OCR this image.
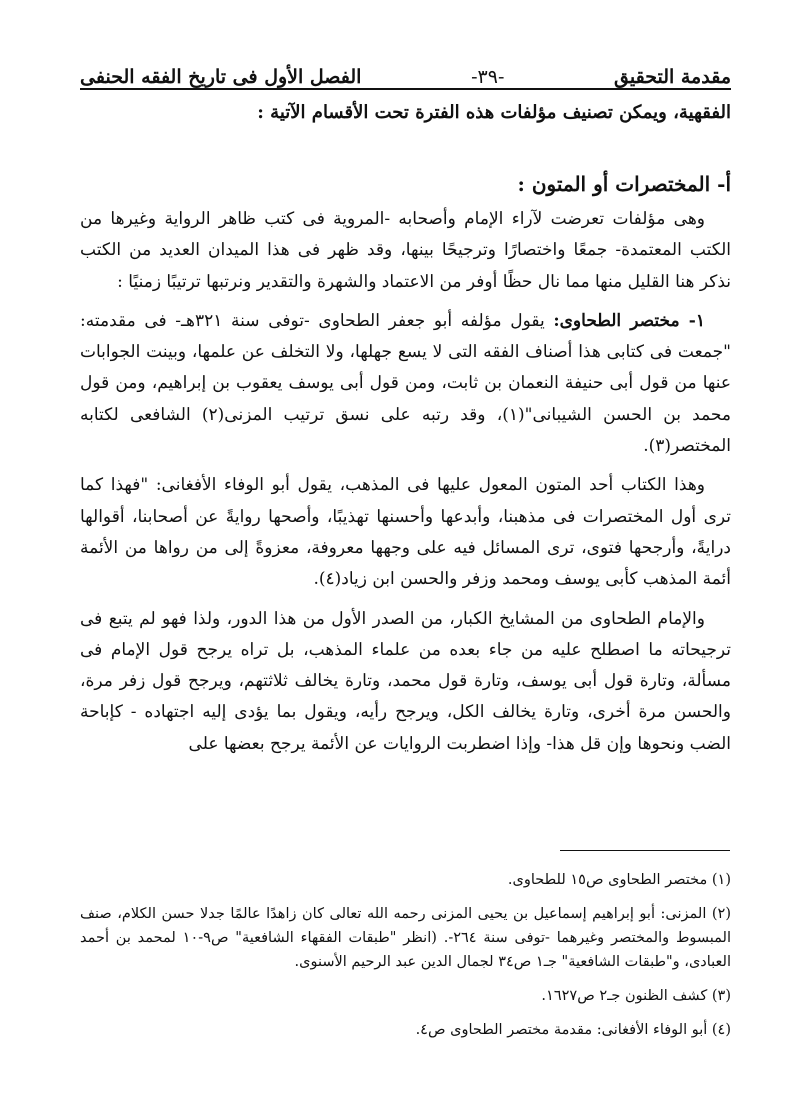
مقدمة التحقيق
-٣٩-
الفصل الأول فى تاريخ الفقه الحنفى

الفقهية، ويمكن تصنيف مؤلفات هذه الفترة تحت الأقسام الآتية :

أ- المختصرات أو المتون :

وهى مؤلفات تعرضت لآراء الإمام وأصحابه -المروية فى كتب ظاهر الرواية وغيرها من الكتب المعتمدة- جمعًا واختصارًا وترجيحًا بينها، وقد ظهر فى هذا الميدان العديد من الكتب نذكر هنا القليل منها مما نال حظًا أوفر من الاعتماد والشهرة والتقدير ونرتبها ترتيبًا زمنيًا :

١- مختصر الطحاوى: يقول مؤلفه أبو جعفر الطحاوى -توفى سنة ٣٢١هـ- فى مقدمته: "جمعت فى كتابى هذا أصناف الفقه التى لا يسع جهلها، ولا التخلف عن علمها، وبينت الجوابات عنها من قول أبى حنيفة النعمان بن ثابت، ومن قول أبى يوسف يعقوب بن إبراهيم، ومن قول محمد بن الحسن الشيبانى"(١)، وقد رتبه على نسق ترتيب المزنى(٢) الشافعى لكتابه المختصر(٣).

وهذا الكتاب أحد المتون المعول عليها فى المذهب، يقول أبو الوفاء الأفغانى: "فهذا كما ترى أول المختصرات فى مذهبنا، وأبدعها وأحسنها تهذيبًا، وأصحها روايةً عن أصحابنا، أقوالها درايةً، وأرجحها فتوى، ترى المسائل فيه على وجهها معروفة، معزوةً إلى من رواها من الأئمة أئمة المذهب كأبى يوسف ومحمد وزفر والحسن ابن زياد(٤).

والإمام الطحاوى من المشايخ الكبار، من الصدر الأول من هذا الدور، ولذا فهو لم يتبع فى ترجيحاته ما اصطلح عليه من جاء بعده من علماء المذهب، بل تراه يرجح قول الإمام فى مسألة، وتارة قول أبى يوسف، وتارة قول محمد، وتارة يخالف ثلاثتهم، ويرجح قول زفر مرة، والحسن مرة أخرى، وتارة يخالف الكل، ويرجح رأيه، ويقول بما يؤدى إليه اجتهاده - كإباحة الضب ونحوها وإن قل هذا- وإذا اضطربت الروايات عن الأئمة يرجح بعضها على

(١) مختصر الطحاوى ص١٥ للطحاوى.

(٢) المزنى: أبو إبراهيم إسماعيل بن يحيى المزنى رحمه الله تعالى كان زاهدًا عالمًا جدلا حسن الكلام، صنف المبسوط والمختصر وغيرهما -توفى سنة ٢٦٤-. (انظر "طبقات الفقهاء الشافعية" ص٩-١٠ لمحمد بن أحمد العبادى، و"طبقات الشافعية" جـ١ ص٣٤ لجمال الدين عبد الرحيم الأسنوى.

(٣) كشف الظنون جـ٢ ص١٦٢٧.

(٤) أبو الوفاء الأفغانى: مقدمة مختصر الطحاوى ص٤.
